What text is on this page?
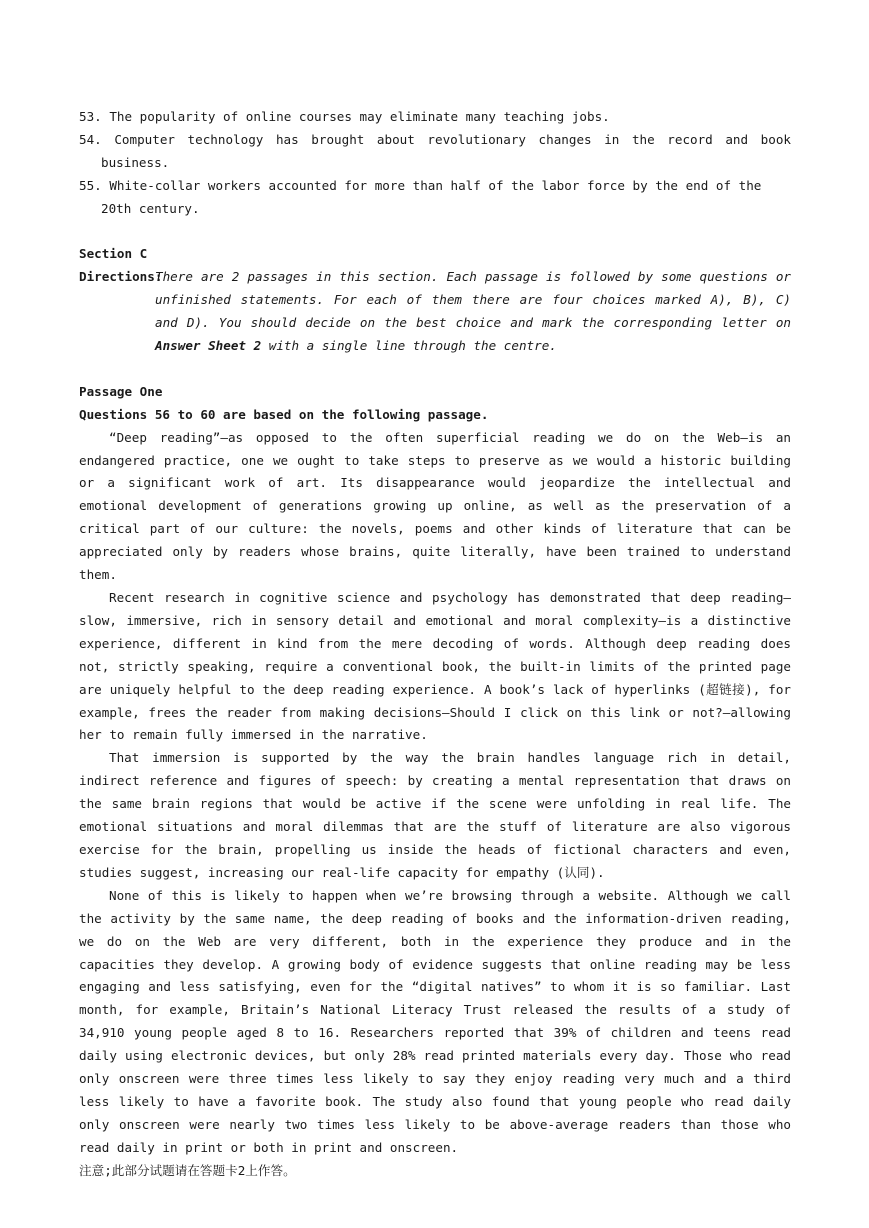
53. The popularity of online courses may eliminate many teaching jobs.
54. Computer technology has brought about revolutionary changes in the record and book business.
55. White-collar workers accounted for more than half of the labor force by the end of the 20th century.
Section C
Directions:
There are 2 passages in this section. Each passage is followed by some questions or unfinished statements. For each of them there are four choices marked A), B), C) and D). You should decide on the best choice and mark the corresponding letter on Answer Sheet 2 with a single line through the centre.
Passage One
Questions 56 to 60 are based on the following passage.
“Deep reading”—as opposed to the often superficial reading we do on the Web—is an endangered practice, one we ought to take steps to preserve as we would a historic building or a significant work of art. Its disappearance would jeopardize the intellectual and emotional development of generations growing up online, as well as the preservation of a critical part of our culture: the novels, poems and other kinds of literature that can be appreciated only by readers whose brains, quite literally, have been trained to understand them.
Recent research in cognitive science and psychology has demonstrated that deep reading—slow, immersive, rich in sensory detail and emotional and moral complexity—is a distinctive experience, different in kind from the mere decoding of words. Although deep reading does not, strictly speaking, require a conventional book, the built-in limits of the printed page are uniquely helpful to the deep reading experience. A book’s lack of hyperlinks (超链接), for example, frees the reader from making decisions—Should I click on this link or not?—allowing her to remain fully immersed in the narrative.
That immersion is supported by the way the brain handles language rich in detail, indirect reference and figures of speech: by creating a mental representation that draws on the same brain regions that would be active if the scene were unfolding in real life. The emotional situations and moral dilemmas that are the stuff of literature are also vigorous exercise for the brain, propelling us inside the heads of fictional characters and even, studies suggest, increasing our real-life capacity for empathy (认同).
None of this is likely to happen when we’re browsing through a website. Although we call the activity by the same name, the deep reading of books and the information-driven reading, we do on the Web are very different, both in the experience they produce and in the capacities they develop. A growing body of evidence suggests that online reading may be less engaging and less satisfying, even for the “digital natives” to whom it is so familiar. Last month, for example, Britain’s National Literacy Trust released the results of a study of 34,910 young people aged 8 to 16. Researchers reported that 39% of children and teens read daily using electronic devices, but only 28% read printed materials every day. Those who read only onscreen were three times less likely to say they enjoy reading very much and a third less likely to have a favorite book. The study also found that young people who read daily only onscreen were nearly two times less likely to be above-average readers than those who read daily in print or both in print and onscreen.
注意;此部分试题请在答题卡2上作答。
